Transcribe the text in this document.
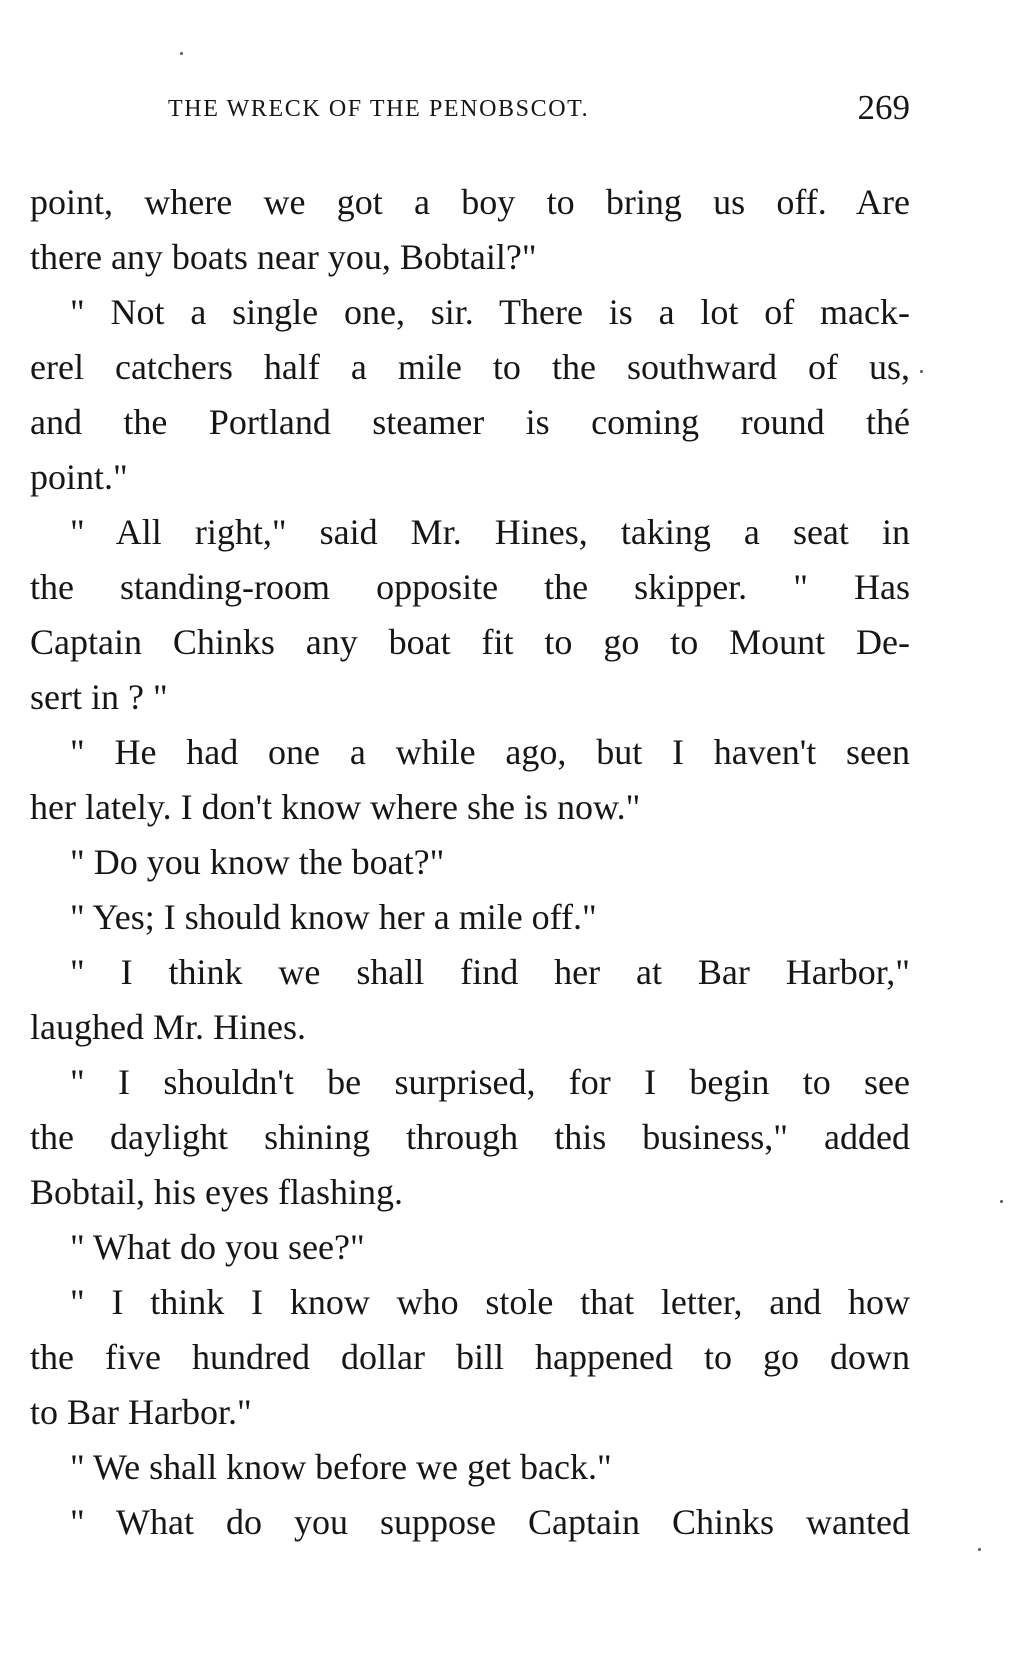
THE WRECK OF THE PENOBSCOT.	269
point, where we got a boy to bring us off. Are
there any boats near you, Bobtail?"
" Not a single one, sir. There is a lot of mack-
erel catchers half a mile to the southward of us,
and the Portland steamer is coming round thé
point."
" All right," said Mr. Hines, taking a seat in
the standing-room opposite the skipper. " Has
Captain Chinks any boat fit to go to Mount De-
sert in ? "
" He had one a while ago, but I haven't seen
her lately. I don't know where she is now."
" Do you know the boat?"
" Yes; I should know her a mile off."
" I think we shall find her at Bar Harbor,"
laughed Mr. Hines.
" I shouldn't be surprised, for I begin to see
the daylight shining through this business," added
Bobtail, his eyes flashing.
" What do you see?"
" I think I know who stole that letter, and how
the five hundred dollar bill happened to go down
to Bar Harbor."
" We shall know before we get back."
" What do you suppose Captain Chinks wanted
